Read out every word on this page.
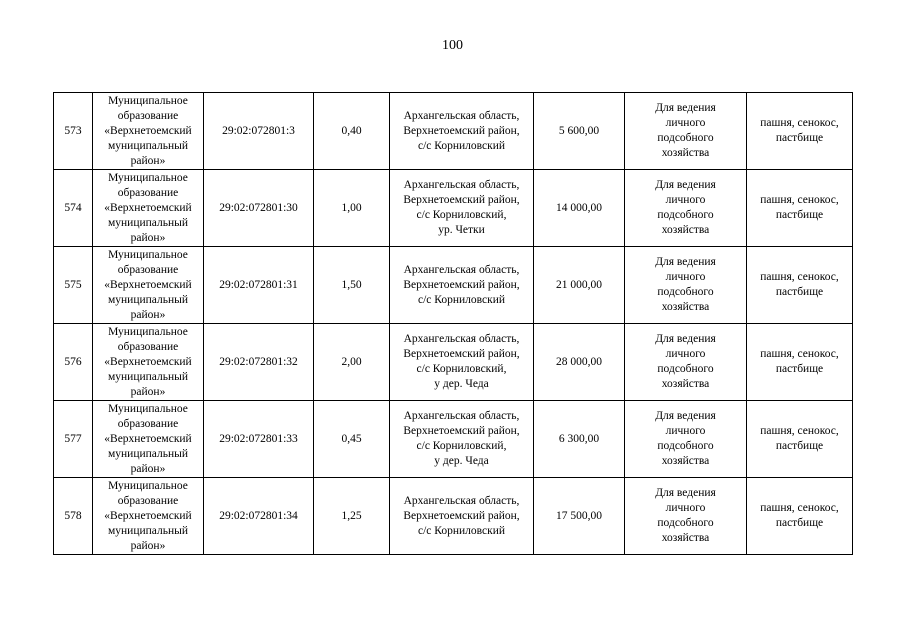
100
573	Муниципальное
образование
«Верхнетоемский
муниципальный
район»	29:02:072801:3	0,40	Архангельская область,
Верхнетоемский район,
с/с Корниловский	5 600,00	Для ведения
личного
подсобного
хозяйства	пашня, сенокос,
пастбище

574	Муниципальное
образование
«Верхнетоемский
муниципальный
район»	29:02:072801:30	1,00	Архангельская область,
Верхнетоемский район,
с/с Корниловский,
ур. Четки	14 000,00	Для ведения
личного
подсобного
хозяйства	пашня, сенокос,
пастбище

575	Муниципальное
образование
«Верхнетоемский
муниципальный
район»	29:02:072801:31	1,50	Архангельская область,
Верхнетоемский район,
с/с Корниловский	21 000,00	Для ведения
личного
подсобного
хозяйства	пашня, сенокос,
пастбище

576	Муниципальное
образование
«Верхнетоемский
муниципальный
район»	29:02:072801:32	2,00	Архангельская область,
Верхнетоемский район,
с/с Корниловский,
у дер. Чеда	28 000,00	Для ведения
личного
подсобного
хозяйства	пашня, сенокос,
пастбище

577	Муниципальное
образование
«Верхнетоемский
муниципальный
район»	29:02:072801:33	0,45	Архангельская область,
Верхнетоемский район,
с/с Корниловский,
у дер. Чеда	6 300,00	Для ведения
личного
подсобного
хозяйства	пашня, сенокос,
пастбище

578	Муниципальное
образование
«Верхнетоемский
муниципальный
район»	29:02:072801:34	1,25	Архангельская область,
Верхнетоемский район,
с/с Корниловский	17 500,00	Для ведения
личного
подсобного
хозяйства	пашня, сенокос,
пастбище
